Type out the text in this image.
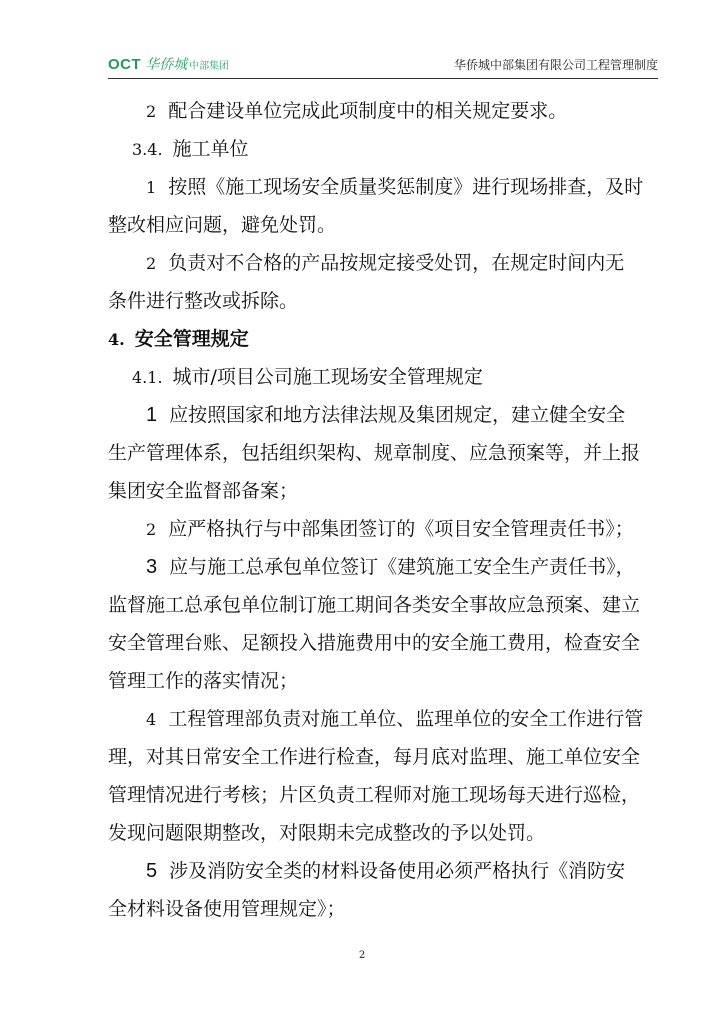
OCT 华侨城 中部集团	华侨城中部集团有限公司工程管理制度
2 配合建设单位完成此项制度中的相关规定要求。
3.4. 施工单位
1 按照《施工现场安全质量奖惩制度》进行现场排查，及时
整改相应问题，避免处罚。
2 负责对不合格的产品按规定接受处罚，在规定时间内无
条件进行整改或拆除。
4. 安全管理规定
4.1. 城市/项目公司施工现场安全管理规定
1 应按照国家和地方法律法规及集团规定，建立健全安全
生产管理体系，包括组织架构、规章制度、应急预案等，并上报
集团安全监督部备案；
2 应严格执行与中部集团签订的《项目安全管理责任书》；
3 应与施工总承包单位签订《建筑施工安全生产责任书》，
监督施工总承包单位制订施工期间各类安全事故应急预案、建立
安全管理台账、足额投入措施费用中的安全施工费用，检查安全
管理工作的落实情况；
4 工程管理部负责对施工单位、监理单位的安全工作进行管
理，对其日常安全工作进行检查，每月底对监理、施工单位安全
管理情况进行考核；片区负责工程师对施工现场每天进行巡检，
发现问题限期整改，对限期未完成整改的予以处罚。
5 涉及消防安全类的材料设备使用必须严格执行《消防安
全材料设备使用管理规定》；
2
